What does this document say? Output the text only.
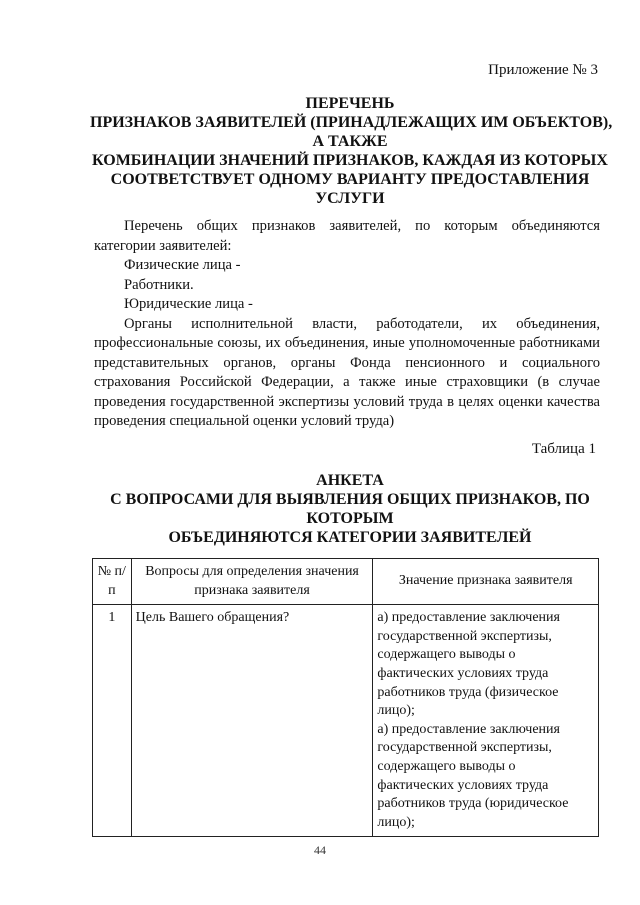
Приложение № 3
ПЕРЕЧЕНЬ
ПРИЗНАКОВ ЗАЯВИТЕЛЕЙ (ПРИНАДЛЕЖАЩИХ ИМ ОБЪЕКТОВ),
А ТАКЖЕ
КОМБИНАЦИИ ЗНАЧЕНИЙ ПРИЗНАКОВ, КАЖДАЯ ИЗ КОТОРЫХ
СООТВЕТСТВУЕТ ОДНОМУ ВАРИАНТУ ПРЕДОСТАВЛЕНИЯ
УСЛУГИ

Перечень общих признаков заявителей, по которым объединяются категории заявителей:

Физические лица -

Работники.

Юридические лица -

Органы исполнительной власти, работодатели, их объединения, профессиональные союзы, их объединения, иные уполномоченные работниками представительных органов, органы Фонда пенсионного и социального страхования Российской Федерации, а также иные страховщики (в случае проведения государственной экспертизы условий труда в целях оценки качества проведения специальной оценки условий труда)

Таблица 1
АНКЕТА
С ВОПРОСАМИ ДЛЯ ВЫЯВЛЕНИЯ ОБЩИХ ПРИЗНАКОВ, ПО
КОТОРЫМ
ОБЪЕДИНЯЮТСЯ КАТЕГОРИИ ЗАЯВИТЕЛЕЙ
№ п/п	Вопросы для определения значения признака заявителя	Значение признака заявителя
1	Цель Вашего обращения?	а) предоставление заключения государственной экспертизы, содержащего выводы о фактических условиях труда работников труда (физическое лицо);
а) предоставление заключения государственной экспертизы, содержащего выводы о фактических условиях труда работников труда (юридическое лицо);
44
